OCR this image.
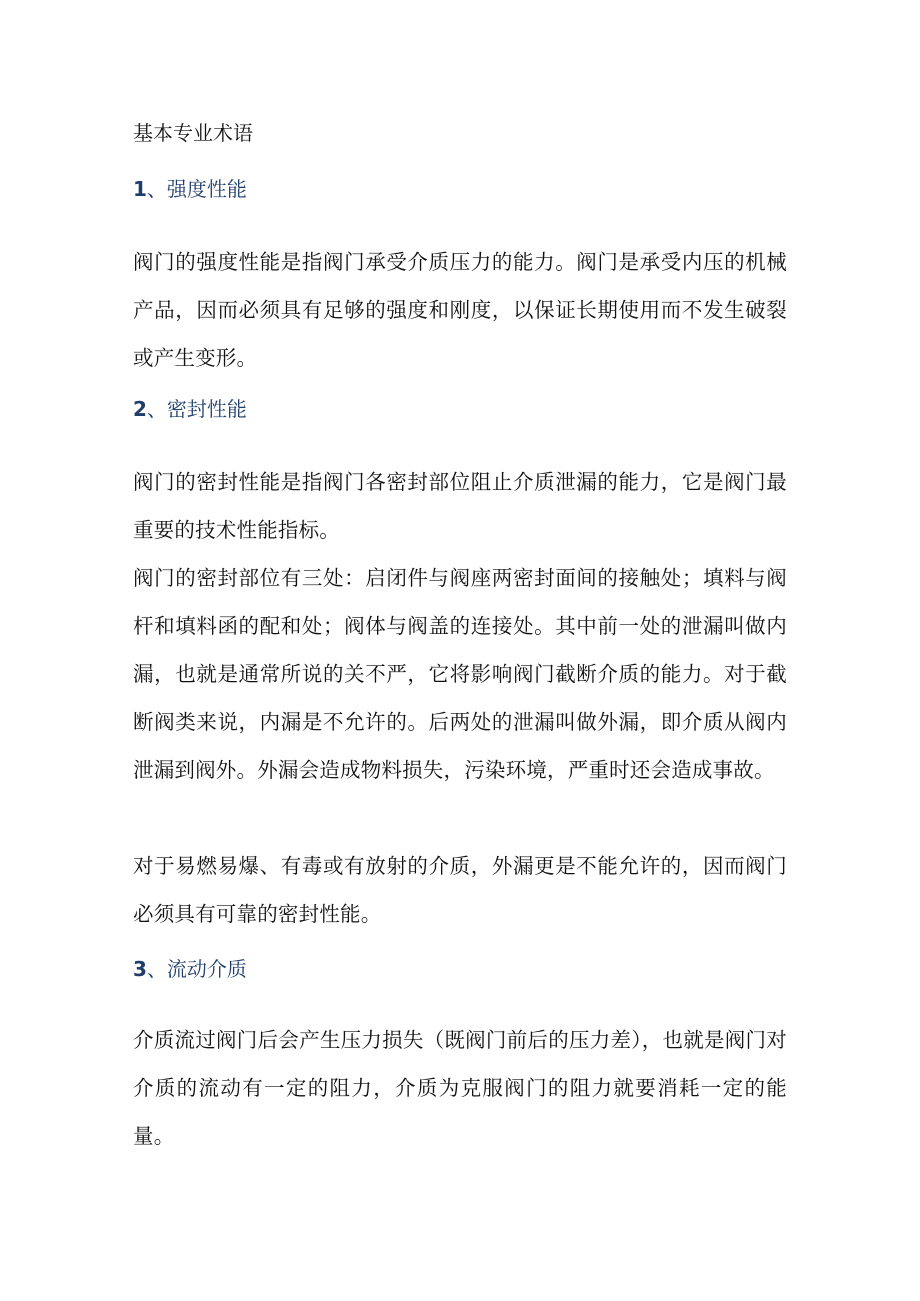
基本专业术语
1、强度性能
阀门的强度性能是指阀门承受介质压力的能力。阀门是承受内压的机械产品，因而必须具有足够的强度和刚度，以保证长期使用而不发生破裂或产生变形。
2、密封性能
阀门的密封性能是指阀门各密封部位阻止介质泄漏的能力，它是阀门最重要的技术性能指标。
阀门的密封部位有三处：启闭件与阀座两密封面间的接触处；填料与阀杆和填料函的配和处；阀体与阀盖的连接处。其中前一处的泄漏叫做内漏，也就是通常所说的关不严，它将影响阀门截断介质的能力。对于截断阀类来说，内漏是不允许的。后两处的泄漏叫做外漏，即介质从阀内泄漏到阀外。外漏会造成物料损失，污染环境，严重时还会造成事故。
对于易燃易爆、有毒或有放射的介质，外漏更是不能允许的，因而阀门必须具有可靠的密封性能。
3、流动介质
介质流过阀门后会产生压力损失（既阀门前后的压力差），也就是阀门对介质的流动有一定的阻力，介质为克服阀门的阻力就要消耗一定的能量。
